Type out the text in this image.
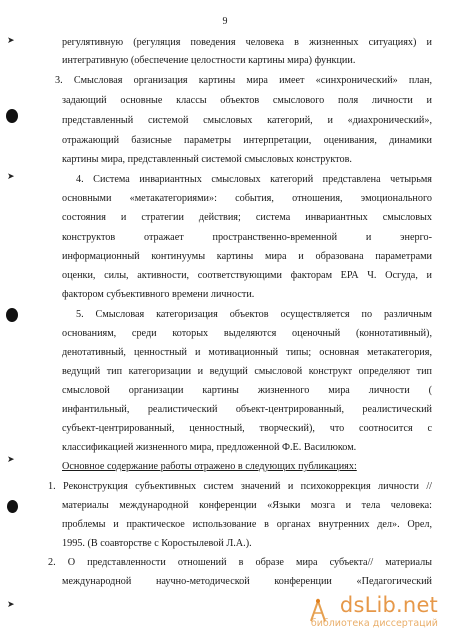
9
регулятивную (регуляция поведения человека в жизненных ситуациях) и
интегративную (обеспечение целостности картины мира) функции.
3. Смысловая организация картины мира имеет «синхронический» план,
задающий основные классы объектов смыслового поля личности и
представленный системой смысловых категорий, и «диахронический»,
отражающий базисные параметры интерпретации, оценивания, динамики
картины мира, представленный системой смысловых конструктов.
4. Система инвариантных смысловых категорий представлена четырьмя
основными «метакатегориями»: события, отношения, эмоционального
состояния и стратегии действия; система инвариантных смысловых
конструктов отражает пространственно-временной и энерго-
информационный континуумы картины мира и образована параметрами
оценки, силы, активности, соответствующими факторам ЕРА Ч. Осгуда, и
фактором субъективного времени личности.
5. Смысловая категоризация объектов осуществляется по различным
основаниям, среди которых выделяются оценочный (коннотативный),
денотативный, ценностный и мотивационный типы; основная метакатегория,
ведущий тип категоризации и ведущий смысловой конструкт определяют тип
смысловой организации картины жизненного мира личности (
инфантильный, реалистический объект-центрированный, реалистический
субъект-центрированный, ценностный, творческий), что соотносится с
классификацией жизненного мира, предложенной Ф.Е. Василюком.
Основное содержание работы отражено в следующих публикациях:
1. Реконструкция субъективных систем значений и психокоррекция личности //
материалы международной конференции «Языки мозга и тела человека:
проблемы и практическое использование в органах внутренних дел». Орел,
1995. (В соавторстве с Коростылевой Л.А.).
2. О представленности отношений в образе мира субъекта// материалы
международной научно-методической конференции «Педагогический
➤
➤
➤
➤	dsLib.net
библиотека диссертаций
